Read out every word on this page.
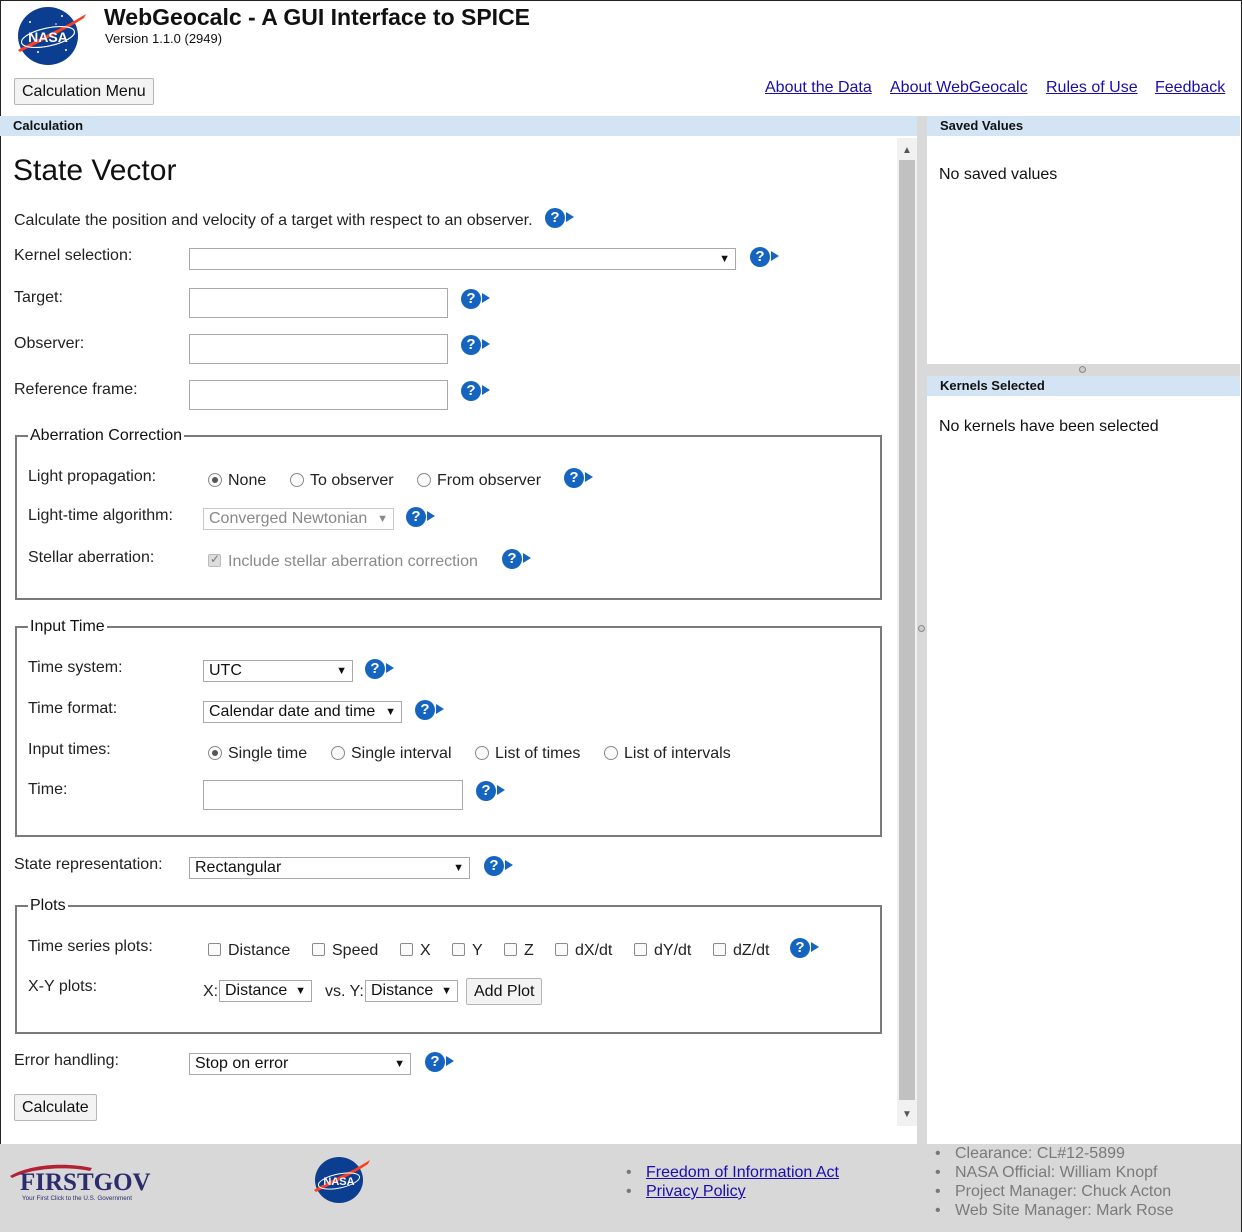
NASA
WebGeocalc - A GUI Interface to SPICE
Version 1.1.0 (2949)
Calculation Menu	About the Data About WebGeocalc Rules of Use Feedback
Calculation	Saved Values
No saved values
Kernels Selected
No kernels have been selected
▲
▼
State Vector
Calculate the position and velocity of a target with respect to an observer.	?
Kernel selection:	▼	?
Target:	?
Observer:	?
Reference frame:	?
Aberration Correction
Light propagation:	None	To observer	From observer	?
Light-time algorithm:	Converged Newtonian ▼	?
Stellar aberration:
✓	Include stellar aberration correction	?
Input Time
Time system:	UTC	▼	?
Time format:	Calendar date and time ▼	?
Input times:	Single time	Single interval	List of times	List of intervals
Time:	?
State representation:	Rectangular	▼	?
Plots
Time series plots:	Distance	Speed	X	Y	Z	dX/dt	dY/dt	dZ/dt	?
X-Y plots:	X: Distance ▼ vs. Y: Distance ▼	Add Plot
Error handling:	Stop on error	▼	?
Calculate
FIRSTGOV
Your First Click to the U.S. Government
NASA
• Freedom of Information Act
• Privacy Policy
• Clearance: CL#12-5899
• NASA Official: William Knopf
• Project Manager: Chuck Acton
• Web Site Manager: Mark Rose
